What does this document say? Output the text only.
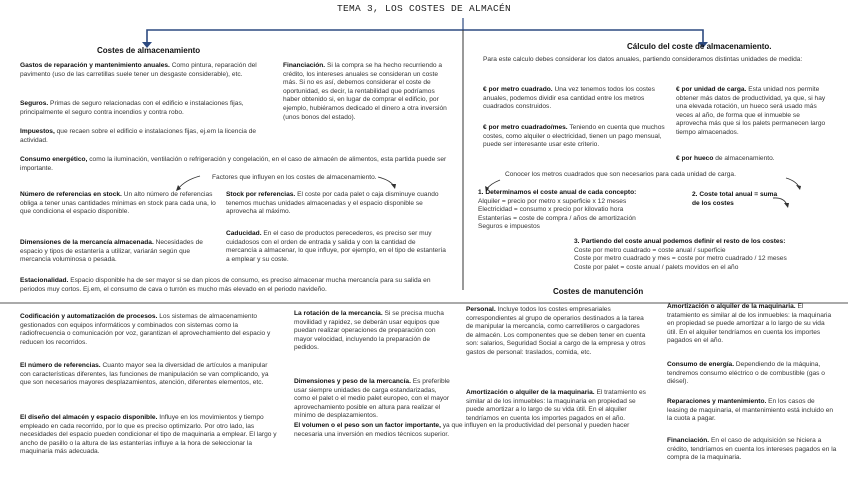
TEMA 3, LOS COSTES DE ALMACÉN
Costes de almacenamiento
Gastos de reparación y mantenimiento anuales. Como pintura, reparación del pavimento (uso de las carretillas suele tener un desgaste considerable), etc.
Seguros. Primas de seguro relacionadas con el edificio e instalaciones fijas, principalmente el seguro contra incendios y contra robo.
Impuestos, que recaen sobre el edificio e instalaciones fijas, ej.em la licencia de actividad.
Financiación. Si la compra se ha hecho recurriendo a crédito, los intereses anuales se consideran un coste más. Si no es así, debemos considerar el coste de oportunidad, es decir, la rentabilidad que podríamos haber obtenido si, en lugar de comprar el edificio, por ejemplo, hubiéramos dedicado el dinero a otra inversión (unos bonos del estado).
Consumo energético, como la iluminación, ventilación o refrigeración y congelación, en el caso de almacén de alimentos, esta partida puede ser importante.
Factores que influyen en los costes de almacenamiento.
Número de referencias en stock. Un alto número de referencias obliga a tener unas cantidades mínimas en stock para cada una, lo que condiciona el espacio disponible.
Stock por referencias. El coste por cada palet o caja disminuye cuando tenemos muchas unidades almacenadas y el espacio disponible se aprovecha al máximo.
Dimensiones de la mercancía almacenada. Necesidades de espacio y tipos de estantería a utilizar, variarán según que mercancía voluminosa o pesada.
Caducidad. En el caso de productos perecederos, es preciso ser muy cuidadosos con el orden de entrada y salida y con la cantidad de mercancía a almacenar, lo que influye, por ejemplo, en el tipo de estantería a emplear y su coste.
Estacionalidad. Espacio disponible ha de ser mayor si se dan picos de consumo, es preciso almacenar mucha mercancía para su salida en periodos muy cortos. Ej.em, el consumo de cava o turrón es mucho más elevado en el periodo navideño.
Cálculo del coste de almacenamiento.
Para este calculo debes considerar los datos anuales, partiendo consideramos distintas unidades de medida:
€ por metro cuadrado. Una vez tenemos todos los costes anuales, podemos dividir esa cantidad entre los metros cuadrados construidos.
€ por metro cuadrado/mes. Teniendo en cuenta que muchos costes, como alquiler o electricidad, tienen un pago mensual, puede ser interesante usar este criterio.
€ por unidad de carga. Esta unidad nos permite obtener más datos de productividad, ya que, si hay una elevada rotación, un hueco será usado más veces al año, de forma que el inmueble se aprovecha más que si los palets permanecen largo tiempo almacenados.
€ por hueco de almacenamiento.
Conocer los metros cuadrados que son necesarios para cada unidad de carga.
1. Determinamos el coste anual de cada concepto:
Alquiler = precio por metro x superficie x 12 meses
Electricidad = consumo x precio por kilovatio hora
Estanterías = coste de compra / años de amortización
Seguros e impuestos
2. Coste total anual = suma de los costes
3. Partiendo del coste anual podemos definir el resto de los costes:
Coste por metro cuadrado = coste anual / superficie
Coste por metro cuadrado y mes = coste por metro cuadrado / 12 meses
Coste por palet = coste anual / palets movidos en el año
Costes de manutención
Codificación y automatización de procesos. Los sistemas de almacenamiento gestionados con equipos informáticos y combinados con sistemas como la radiofrecuencia o comunicación por voz, garantizan el aprovechamiento del espacio y reducen los recorridos.
El número de referencias. Cuanto mayor sea la diversidad de artículos a manipular con características diferentes, las funciones de manipulación se van complicando, ya que son necesarios mayores desplazamientos, atención, diferentes elementos, etc.
El diseño del almacén y espacio disponible. Influye en los movimientos y tiempo empleado en cada recorrido, por lo que es preciso optimizarlo. Por otro lado, las necesidades del espacio pueden condicionar el tipo de maquinaria a emplear. El largo y ancho de pasillo o la altura de las estanterías influye a la hora de seleccionar la maquinaria más adecuada.
La rotación de la mercancía. Si se precisa mucha movilidad y rapidez, se deberán usar equipos que puedan realizar operaciones de preparación con mayor velocidad, incluyendo la preparación de pedidos.
Dimensiones y peso de la mercancía. Es preferible usar siempre unidades de carga estandarizadas, como el palet o el medio palet europeo, con el mayor aprovechamiento posible en altura para realizar el mínimo de desplazamientos.
El volumen o el peso son un factor importante, ya que influyen en la productividad del personal y pueden hacer necesaria una inversión en medios técnicos superior.
Personal. Incluye todos los costes empresariales correspondientes al grupo de operarios destinados a la tarea de manipular la mercancía, como carretilleros o cargadores de almacén. Los componentes que se deben tener en cuenta son: salarios, Seguridad Social a cargo de la empresa y otros gastos de personal: traslados, comida, etc.
Amortización o alquiler de la maquinaria. El tratamiento es similar al de los inmuebles: la maquinaria en propiedad se puede amortizar a lo largo de su vida útil. En el alquiler tendríamos en cuenta los importes pagados en el año.
Amortización o alquiler de la maquinaria. El tratamiento es similar al de los inmuebles: la maquinaria en propiedad se puede amortizar a lo largo de su vida útil. En el alquiler tendríamos en cuenta los importes pagados en el año.
Consumo de energía. Dependiendo de la máquina, tendremos consumo eléctrico o de combustible (gas o diésel).
Reparaciones y mantenimiento. En los casos de leasing de maquinaria, el mantenimiento está incluido en la cuota a pagar.
Financiación. En el caso de adquisición se hiciera a crédito, tendríamos en cuenta los intereses pagados en la compra de la maquinaria.
